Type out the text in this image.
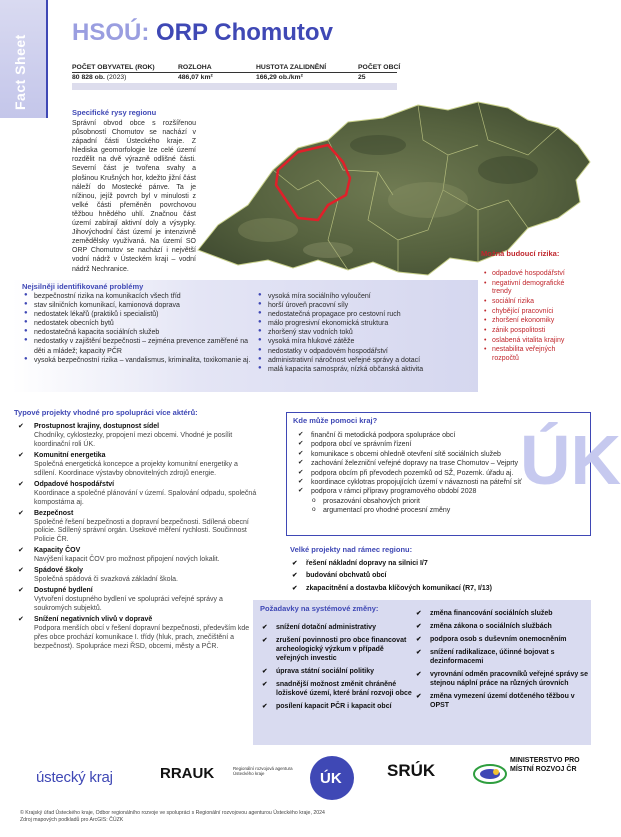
Fact Sheet
HSOÚ: ORP Chomutov
POČET OBYVATEL (ROK)
80 828 ob. (2023)
ROZLOHA
486,07 km²
HUSTOTA ZALIDNĚNÍ
166,29 ob./km²
POČET OBCÍ
25
Specifické rysy regionu
Správní obvod obce s rozšířenou působností Chomutov se nachází v západní části Ústeckého kraje. Z hlediska geomorfologie lze celé území rozdělit na dvě výrazně odlišné části. Severní část je tvořena svahy a plošinou Krušných hor, kdežto jižní část náleží do Mostecké pánve. Ta je nížinou, jejíž povrch byl v minulosti z velké části přeměněn povrchovou těžbou hnědého uhlí. Značnou část území zabírají aktivní doly a výsypky. Jihovýchodní část území je intenzivně zemědělsky využívaná. Na území SO ORP Chomutov se nachází i největší vodní nádrž v Ústeckém kraji – vodní nádrž Nechranice.
Možná budoucí rizika:
• odpadové hospodářství
• negativní demografické trendy
• sociální rizika
• chybějící pracovníci
• zhoršení ekonomiky
• zánik pospolitosti
• oslabená vitalita krajiny
• nestabilita veřejných rozpočtů
Nejsilněji identifikované problémy
● bezpečnostní rizika na komunikacích všech tříd
● stav silničních komunikací, kamionová doprava
● nedostatek lékařů (praktiků i specialistů)
● nedostatek obecních bytů
● nedostatečná kapacita sociálních služeb
● nedostatky v zajištění bezpečnosti – zejména prevence zaměřené na děti a mládež; kapacity PČR
● vysoká bezpečnostní rizika – vandalismus, kriminalita, toxikomanie aj.
● vysoká míra sociálního vyloučení
● horší úroveň pracovní síly
● nedostatečná propagace pro cestovní ruch
● málo progresivní ekonomická struktura
● zhoršený stav vodních toků
● vysoká míra hlukové zátěže
● nedostatky v odpadovém hospodářství
● administrativní náročnost veřejné správy a dotací
● malá kapacita samospráv, nízká občanská aktivita
Typové projekty vhodné pro spolupráci více aktérů:
✔ Prostupnost krajiny, dostupnost sídel
Chodníky, cyklostezky, propojení mezi obcemi. Vhodné je posílit koordinační roli ÚK.
✔ Komunitní energetika
Společná energetická koncepce a projekty komunitní energetiky a sdílení. Koordinace výstavby obnovitelných zdrojů energie.
✔ Odpadové hospodářství
Koordinace a společné plánování v území. Spalování odpadu, společná kompostárna aj.
✔ Bezpečnost
Společné řešení bezpečnosti a dopravní bezpečnosti. Sdílená obecní policie. Sdílený správní orgán. Úsekové měření rychlosti. Součinnost Policie ČR.
✔ Kapacity ČOV
Navýšení kapacit ČOV pro možnost připojení nových lokalit.
✔ Spádové školy
Společná spádová či svazková základní škola.
✔ Dostupné bydlení
Vytvoření dostupného bydlení ve spolupráci veřejné správy a soukromých subjektů.
✔ Snížení negativních vlivů v dopravě
Podpora menších obcí v řešení dopravní bezpečnosti, především kde přes obce prochází komunikace I. třídy (hluk, prach, znečištění a bezpečnost). Spolupráce mezi ŘSD, obcemi, městy a PČR.
ÚK
Kde může pomoci kraj?
✔ finanční či metodická podpora spolupráce obcí
✔ podpora obcí ve správním řízení
✔ komunikace s obcemi ohledně otevření sítě sociálních služeb
✔ zachování železniční veřejné dopravy na trase Chomutov – Vejprty
✔ podpora obcím při převodech pozemků od SŽ, Pozemk. úřadu aj.
✔ koordinace cyklotras propojujících území v návaznosti na páteřní síť
✔ podpora v rámci přípravy programového období 2028
o prosazování obsahových priorit
o argumentací pro vhodné procesní změny
Velké projekty nad rámec regionu:
✔ řešení nákladní dopravy na silnici I/7
✔ budování obchvatů obcí
✔ zkapacitnění a dostavba klíčových komunikací (R7, I/13)
Požadavky na systémové změny:
✔ snížení dotační administrativy
✔ zrušení povinnosti pro obce financovat archeologický výzkum v případě veřejných investic
✔ úprava státní sociální politiky
✔ snadnější možnost změnit chráněné ložiskové území, které brání rozvoji obce
✔ posílení kapacit PČR i kapacit obcí
✔ změna financování sociálních služeb
✔ změna zákona o sociálních službách
✔ podpora osob s duševním onemocněním
✔ snížení radikalizace, účinné bojovat s dezinformacemi
✔ vyrovnání odměn pracovníků veřejné správy se stejnou náplní práce na různých úrovních
✔ změna vymezení území dotčeného těžbou v OPST
ústecký kraj	RRAUK	Regionální rozvojová agentura Ústeckého kraje	ÚK	SRÚK
MINISTERSTVO PRO MÍSTNÍ ROZVOJ ČR
© Krajský úřad Ústeckého kraje, Odbor regionálního rozvoje ve spolupráci s Regionální rozvojovou agenturou Ústeckého kraje, 2024
Zdroj mapových podkladů pro ArcGIS: ČÚZK
